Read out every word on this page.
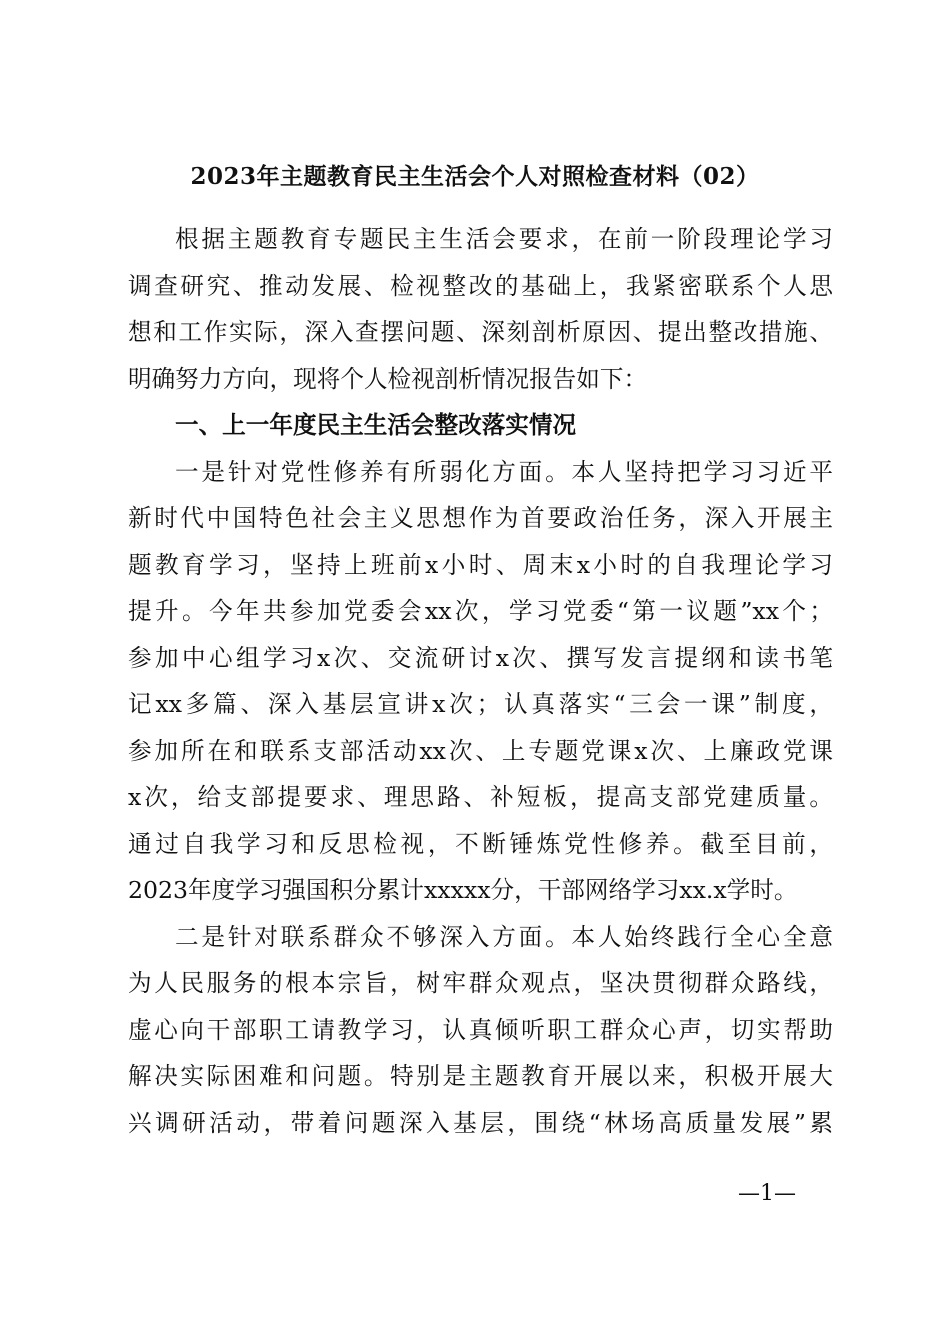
2023年主题教育民主生活会个人对照检查材料（02）
根据主题教育专题民主生活会要求，在前一阶段理论学习
调查研究、推动发展、检视整改的基础上，我紧密联系个人思
想和工作实际，深入查摆问题、深刻剖析原因、提出整改措施、
明确努力方向，现将个人检视剖析情况报告如下：
一、上一年度民主生活会整改落实情况
一是针对党性修养有所弱化方面。本人坚持把学习习近平
新时代中国特色社会主义思想作为首要政治任务，深入开展主
题教育学习，坚持上班前x小时、周末x小时的自我理论学习
提升。今年共参加党委会xx次，学习党委“第一议题”xx个；
参加中心组学习x次、交流研讨x次、撰写发言提纲和读书笔
记xx多篇、深入基层宣讲x次；认真落实“三会一课”制度，
参加所在和联系支部活动xx次、上专题党课x次、上廉政党课
x次，给支部提要求、理思路、补短板，提高支部党建质量。
通过自我学习和反思检视，不断锤炼党性修养。截至目前，
2023年度学习强国积分累计xxxxx分，干部网络学习xx.x学时。
二是针对联系群众不够深入方面。本人始终践行全心全意
为人民服务的根本宗旨，树牢群众观点，坚决贯彻群众路线，
虚心向干部职工请教学习，认真倾听职工群众心声，切实帮助
解决实际困难和问题。特别是主题教育开展以来，积极开展大
兴调研活动，带着问题深入基层，围绕“林场高质量发展”累
—1—
